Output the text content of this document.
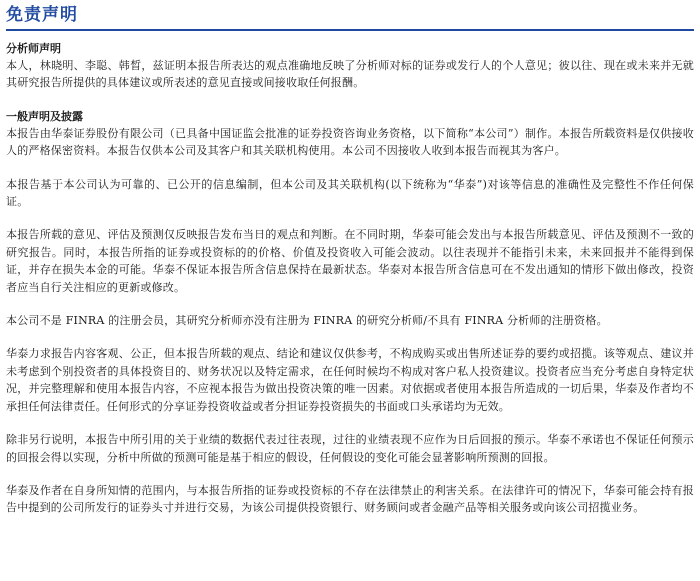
免责声明
分析师声明

本人，林晓明、李聪、韩晳，兹证明本报告所表达的观点准确地反映了分析师对标的证券或发行人的个人意见；彼以往、现在或未来并无就其研究报告所提供的具体建议或所表述的意见直接或间接收取任何报酬。

一般声明及披露

本报告由华泰证券股份有限公司（已具备中国证监会批准的证券投资咨询业务资格，以下简称“本公司”）制作。本报告所载资料是仅供接收人的严格保密资料。本报告仅供本公司及其客户和其关联机构使用。本公司不因接收人收到本报告而视其为客户。

本报告基于本公司认为可靠的、已公开的信息编制，但本公司及其关联机构(以下统称为“华泰”)对该等信息的准确性及完整性不作任何保证。

本报告所载的意见、评估及预测仅反映报告发布当日的观点和判断。在不同时期，华泰可能会发出与本报告所载意见、评估及预测不一致的研究报告。同时，本报告所指的证券或投资标的的价格、价值及投资收入可能会波动。以往表现并不能指引未来，未来回报并不能得到保证，并存在损失本金的可能。华泰不保证本报告所含信息保持在最新状态。华泰对本报告所含信息可在不发出通知的情形下做出修改，投资者应当自行关注相应的更新或修改。

本公司不是 FINRA 的注册会员，其研究分析师亦没有注册为 FINRA 的研究分析师/不具有 FINRA 分析师的注册资格。

华泰力求报告内容客观、公正，但本报告所载的观点、结论和建议仅供参考，不构成购买或出售所述证券的要约或招揽。该等观点、建议并未考虑到个别投资者的具体投资目的、财务状况以及特定需求，在任何时候均不构成对客户私人投资建议。投资者应当充分考虑自身特定状况，并完整理解和使用本报告内容，不应视本报告为做出投资决策的唯一因素。对依据或者使用本报告所造成的一切后果，华泰及作者均不承担任何法律责任。任何形式的分享证券投资收益或者分担证券投资损失的书面或口头承诺均为无效。

除非另行说明，本报告中所引用的关于业绩的数据代表过往表现，过往的业绩表现不应作为日后回报的预示。华泰不承诺也不保证任何预示的回报会得以实现，分析中所做的预测可能是基于相应的假设，任何假设的变化可能会显著影响所预测的回报。

华泰及作者在自身所知情的范围内，与本报告所指的证券或投资标的不存在法律禁止的利害关系。在法律许可的情况下，华泰可能会持有报告中提到的公司所发行的证券头寸并进行交易，为该公司提供投资银行、财务顾问或者金融产品等相关服务或向该公司招揽业务。
